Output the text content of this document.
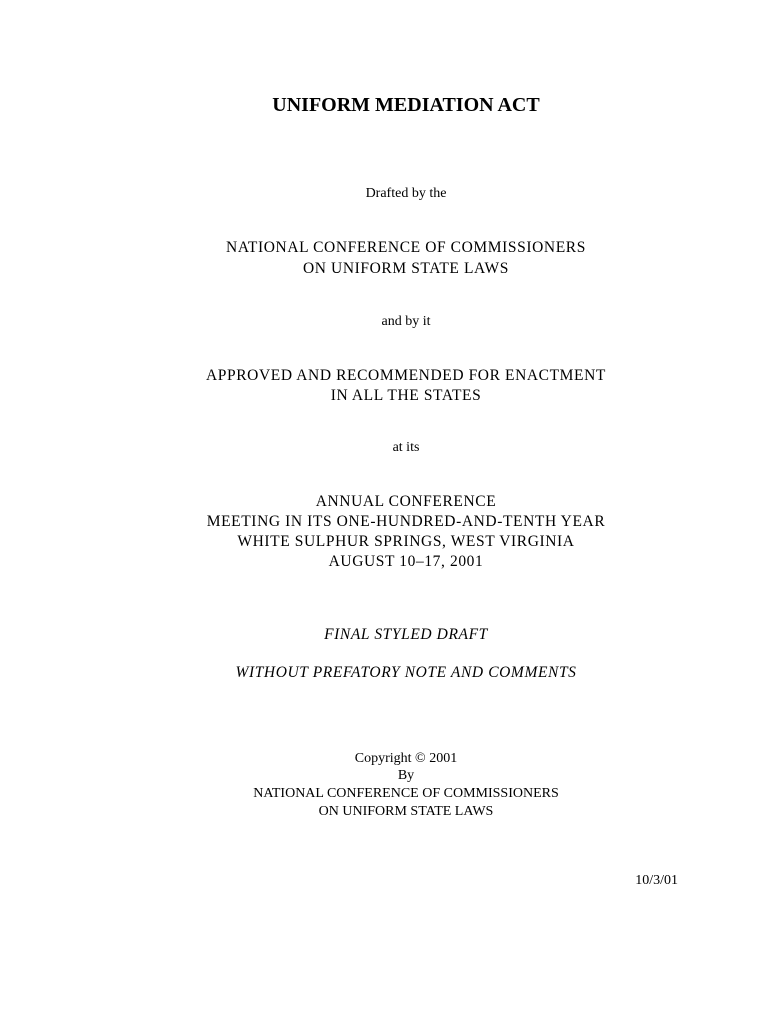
UNIFORM MEDIATION ACT
Drafted by the
NATIONAL CONFERENCE OF COMMISSIONERS
ON UNIFORM STATE LAWS
and by it
APPROVED AND RECOMMENDED FOR ENACTMENT
IN ALL THE STATES
at its
ANNUAL CONFERENCE
MEETING IN ITS ONE-HUNDRED-AND-TENTH YEAR
WHITE SULPHUR SPRINGS, WEST VIRGINIA
AUGUST 10–17, 2001
FINAL STYLED DRAFT
WITHOUT PREFATORY NOTE AND COMMENTS
Copyright © 2001
By
NATIONAL CONFERENCE OF COMMISSIONERS
ON UNIFORM STATE LAWS
10/3/01
